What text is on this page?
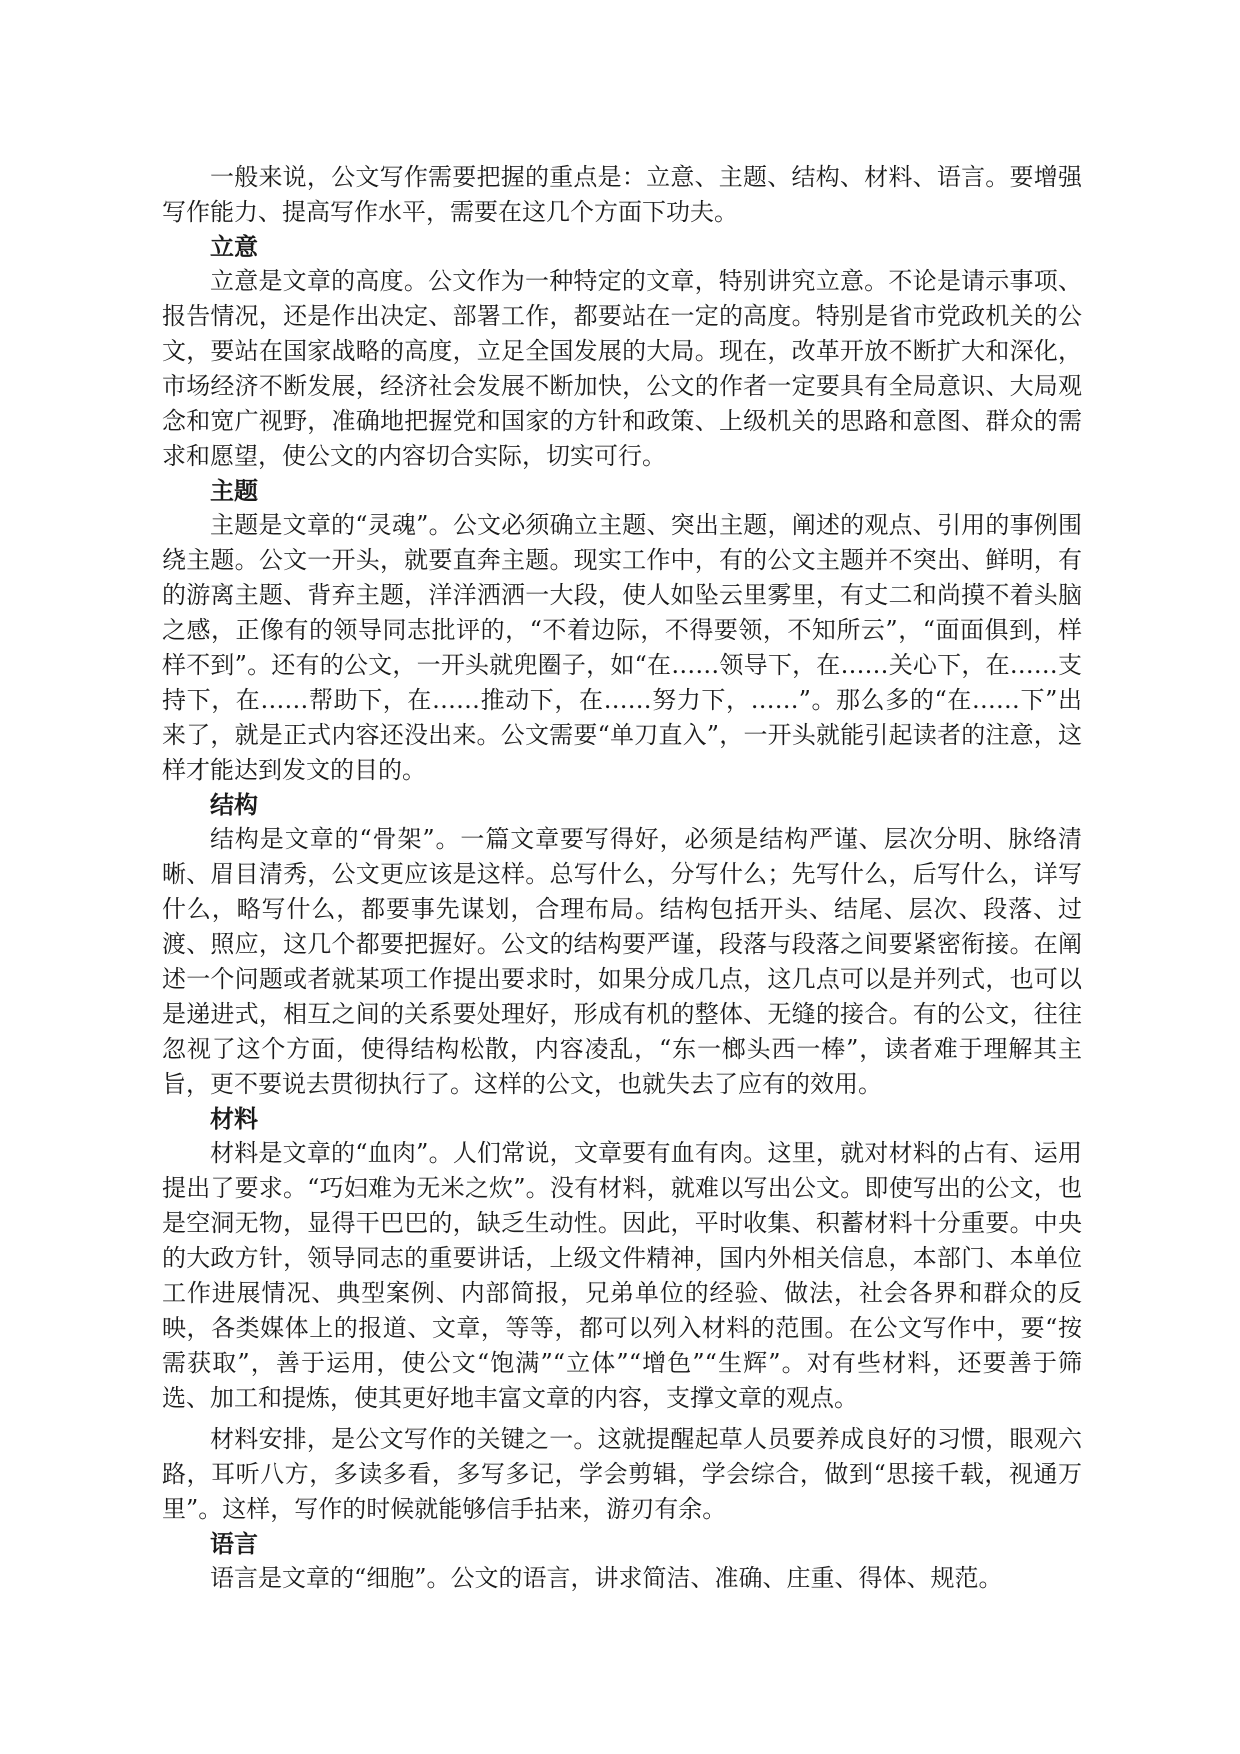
一般来说，公文写作需要把握的重点是：立意、主题、结构、材料、语言。要增强写作能力、提高写作水平，需要在这几个方面下功夫。

立意

立意是文章的高度。公文作为一种特定的文章，特别讲究立意。不论是请示事项、报告情况，还是作出决定、部署工作，都要站在一定的高度。特别是省市党政机关的公文，要站在国家战略的高度，立足全国发展的大局。现在，改革开放不断扩大和深化，市场经济不断发展，经济社会发展不断加快，公文的作者一定要具有全局意识、大局观念和宽广视野，准确地把握党和国家的方针和政策、上级机关的思路和意图、群众的需求和愿望，使公文的内容切合实际，切实可行。

主题

主题是文章的“灵魂”。公文必须确立主题、突出主题，阐述的观点、引用的事例围绕主题。公文一开头，就要直奔主题。现实工作中，有的公文主题并不突出、鲜明，有的游离主题、背弃主题，洋洋洒洒一大段，使人如坠云里雾里，有丈二和尚摸不着头脑之感，正像有的领导同志批评的，“不着边际，不得要领，不知所云”，“面面俱到，样样不到”。还有的公文，一开头就兜圈子，如“在……领导下，在……关心下，在……支持下，在……帮助下，在……推动下，在……努力下，……”。那么多的“在……下”出来了，就是正式内容还没出来。公文需要“单刀直入”，一开头就能引起读者的注意，这样才能达到发文的目的。

结构

结构是文章的“骨架”。一篇文章要写得好，必须是结构严谨、层次分明、脉络清晰、眉目清秀，公文更应该是这样。总写什么，分写什么；先写什么，后写什么，详写什么，略写什么，都要事先谋划，合理布局。结构包括开头、结尾、层次、段落、过渡、照应，这几个都要把握好。公文的结构要严谨，段落与段落之间要紧密衔接。在阐述一个问题或者就某项工作提出要求时，如果分成几点，这几点可以是并列式，也可以是递进式，相互之间的关系要处理好，形成有机的整体、无缝的接合。有的公文，往往忽视了这个方面，使得结构松散，内容凌乱，“东一榔头西一棒”，读者难于理解其主旨，更不要说去贯彻执行了。这样的公文，也就失去了应有的效用。

材料

材料是文章的“血肉”。人们常说，文章要有血有肉。这里，就对材料的占有、运用提出了要求。“巧妇难为无米之炊”。没有材料，就难以写出公文。即使写出的公文，也是空洞无物，显得干巴巴的，缺乏生动性。因此，平时收集、积蓄材料十分重要。中央的大政方针，领导同志的重要讲话，上级文件精神，国内外相关信息，本部门、本单位工作进展情况、典型案例、内部简报，兄弟单位的经验、做法，社会各界和群众的反映，各类媒体上的报道、文章，等等，都可以列入材料的范围。在公文写作中，要“按需获取”，善于运用，使公文“饱满”“立体”“增色”“生辉”。对有些材料，还要善于筛选、加工和提炼，使其更好地丰富文章的内容，支撑文章的观点。

材料安排，是公文写作的关键之一。这就提醒起草人员要养成良好的习惯，眼观六路，耳听八方，多读多看，多写多记，学会剪辑，学会综合，做到“思接千载，视通万里”。这样，写作的时候就能够信手拈来，游刃有余。

语言

语言是文章的“细胞”。公文的语言，讲求简洁、准确、庄重、得体、规范。
